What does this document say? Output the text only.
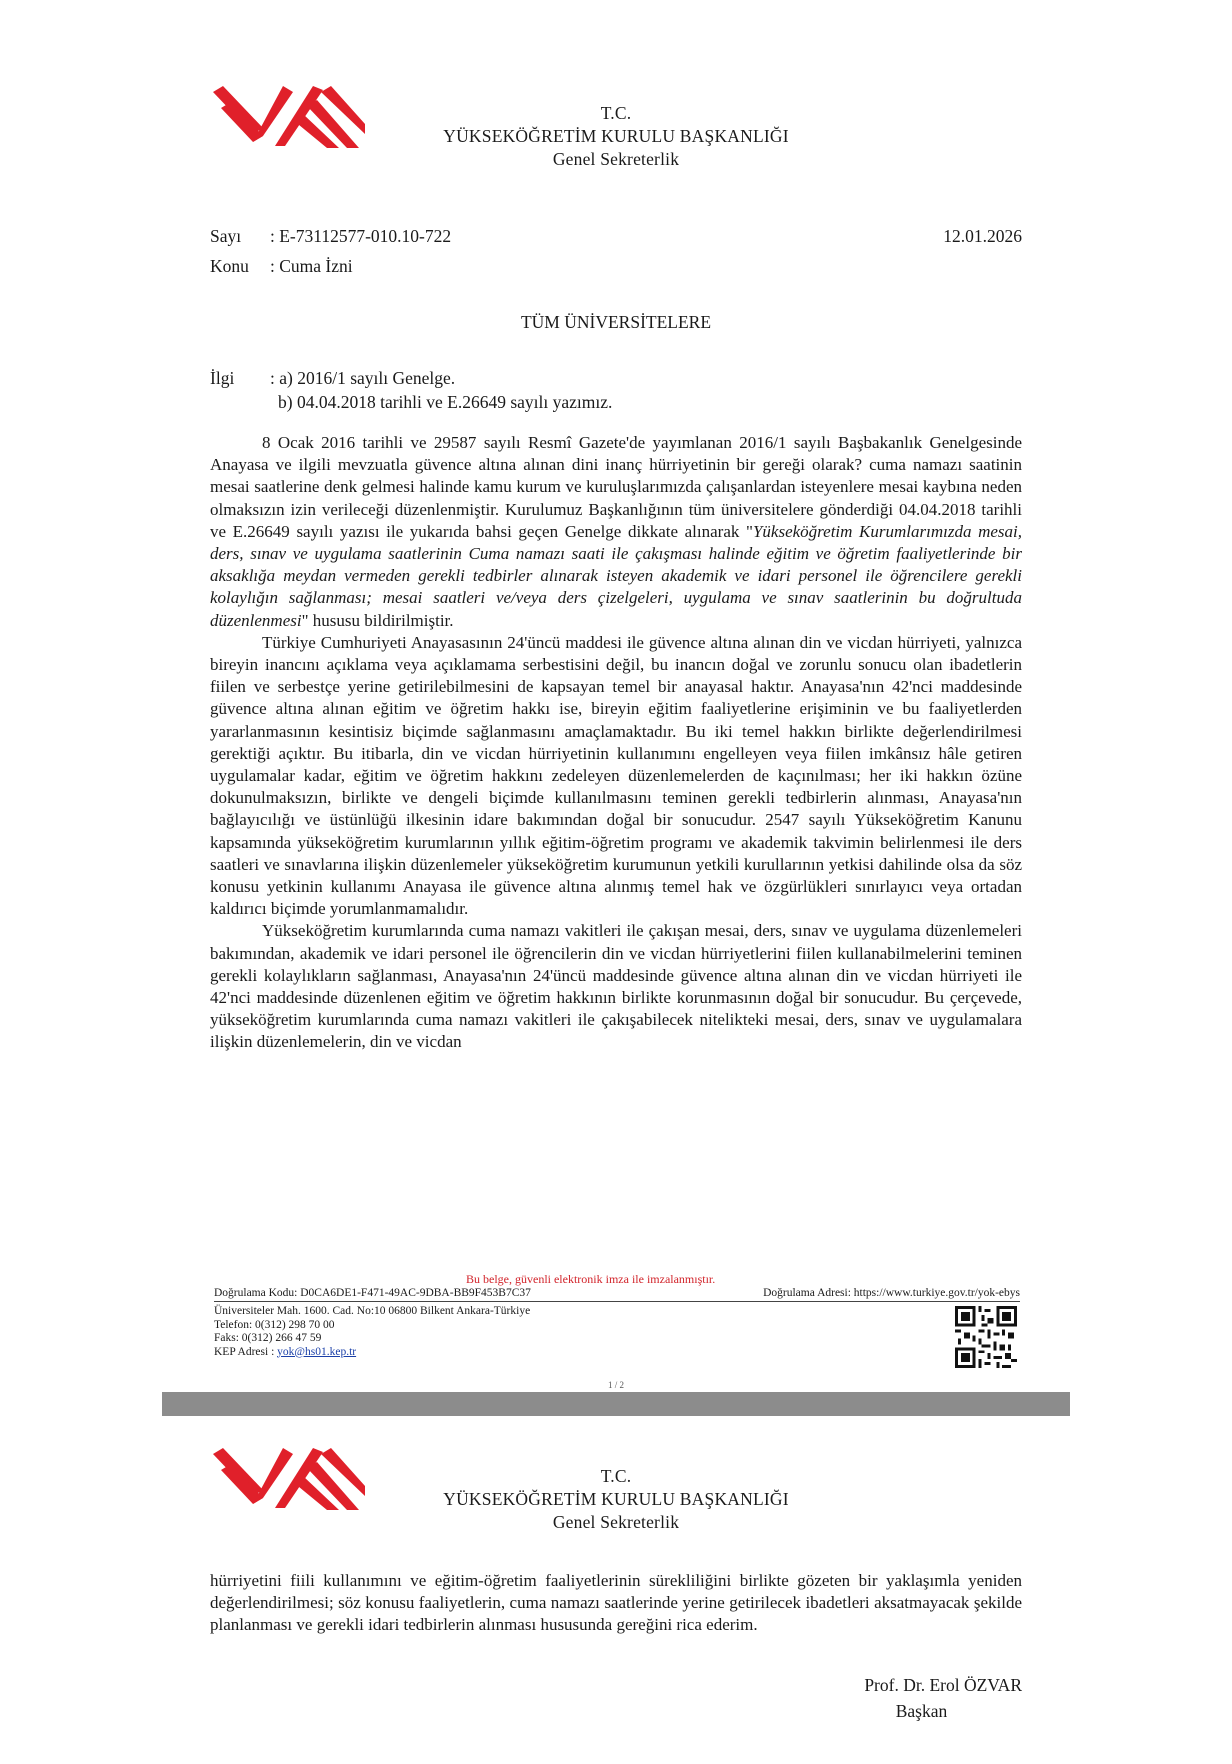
T.C.
YÜKSEKÖĞRETİM KURULU BAŞKANLIĞI
Genel Sekreterlik
Sayı : E-73112577-010.10-722	12.01.2026
Konu : Cuma İzni
TÜM ÜNİVERSİTELERE
İlgi : a) 2016/1 sayılı Genelge.
b) 04.04.2018 tarihli ve E.26649 sayılı yazımız.

8 Ocak 2016 tarihli ve 29587 sayılı Resmî Gazete'de yayımlanan 2016/1 sayılı Başbakanlık Genelgesinde Anayasa ve ilgili mevzuatla güvence altına alınan dini inanç hürriyetinin bir gereği olarak? cuma namazı saatinin mesai saatlerine denk gelmesi halinde kamu kurum ve kuruluşlarımızda çalışanlardan isteyenlere mesai kaybına neden olmaksızın izin verileceği düzenlenmiştir. Kurulumuz Başkanlığının tüm üniversitelere gönderdiği 04.04.2018 tarihli ve E.26649 sayılı yazısı ile yukarıda bahsi geçen Genelge dikkate alınarak "Yükseköğretim Kurumlarımızda mesai, ders, sınav ve uygulama saatlerinin Cuma namazı saati ile çakışması halinde eğitim ve öğretim faaliyetlerinde bir aksaklığa meydan vermeden gerekli tedbirler alınarak isteyen akademik ve idari personel ile öğrencilere gerekli kolaylığın sağlanması; mesai saatleri ve/veya ders çizelgeleri, uygulama ve sınav saatlerinin bu doğrultuda düzenlenmesi" hususu bildirilmiştir.

Türkiye Cumhuriyeti Anayasasının 24'üncü maddesi ile güvence altına alınan din ve vicdan hürriyeti, yalnızca bireyin inancını açıklama veya açıklamama serbestisini değil, bu inancın doğal ve zorunlu sonucu olan ibadetlerin fiilen ve serbestçe yerine getirilebilmesini de kapsayan temel bir anayasal haktır. Anayasa'nın 42'nci maddesinde güvence altına alınan eğitim ve öğretim hakkı ise, bireyin eğitim faaliyetlerine erişiminin ve bu faaliyetlerden yararlanmasının kesintisiz biçimde sağlanmasını amaçlamaktadır. Bu iki temel hakkın birlikte değerlendirilmesi gerektiği açıktır. Bu itibarla, din ve vicdan hürriyetinin kullanımını engelleyen veya fiilen imkânsız hâle getiren uygulamalar kadar, eğitim ve öğretim hakkını zedeleyen düzenlemelerden de kaçınılması; her iki hakkın özüne dokunulmaksızın, birlikte ve dengeli biçimde kullanılmasını teminen gerekli tedbirlerin alınması, Anayasa'nın bağlayıcılığı ve üstünlüğü ilkesinin idare bakımından doğal bir sonucudur. 2547 sayılı Yükseköğretim Kanunu kapsamında yükseköğretim kurumlarının yıllık eğitim-öğretim programı ve akademik takvimin belirlenmesi ile ders saatleri ve sınavlarına ilişkin düzenlemeler yükseköğretim kurumunun yetkili kurullarının yetkisi dahilinde olsa da söz konusu yetkinin kullanımı Anayasa ile güvence altına alınmış temel hak ve özgürlükleri sınırlayıcı veya ortadan kaldırıcı biçimde yorumlanmamalıdır.

Yükseköğretim kurumlarında cuma namazı vakitleri ile çakışan mesai, ders, sınav ve uygulama düzenlemeleri bakımından, akademik ve idari personel ile öğrencilerin din ve vicdan hürriyetlerini fiilen kullanabilmelerini teminen gerekli kolaylıkların sağlanması, Anayasa'nın 24'üncü maddesinde güvence altına alınan din ve vicdan hürriyeti ile 42'nci maddesinde düzenlenen eğitim ve öğretim hakkının birlikte korunmasının doğal bir sonucudur. Bu çerçevede, yükseköğretim kurumlarında cuma namazı vakitleri ile çakışabilecek nitelikteki mesai, ders, sınav ve uygulamalara ilişkin düzenlemelerin, din ve vicdan

Bu belge, güvenli elektronik imza ile imzalanmıştır.
Doğrulama Kodu: D0CA6DE1-F471-49AC-9DBA-BB9F453B7C37	Doğrulama Adresi: https://www.turkiye.gov.tr/yok-ebys
Üniversiteler Mah. 1600. Cad. No:10 06800 Bilkent Ankara-Türkiye
Telefon: 0(312) 298 70 00
Faks: 0(312) 266 47 59
KEP Adresi : yok@hs01.kep.tr
1 / 2
T.C.
YÜKSEKÖĞRETİM KURULU BAŞKANLIĞI
Genel Sekreterlik

hürriyetini fiili kullanımını ve eğitim-öğretim faaliyetlerinin sürekliliğini birlikte gözeten bir yaklaşımla yeniden değerlendirilmesi; söz konusu faaliyetlerin, cuma namazı saatlerinde yerine getirilecek ibadetleri aksatmayacak şekilde planlanması ve gerekli idari tedbirlerin alınması hususunda gereğini rica ederim.

Prof. Dr. Erol ÖZVAR
Başkan
